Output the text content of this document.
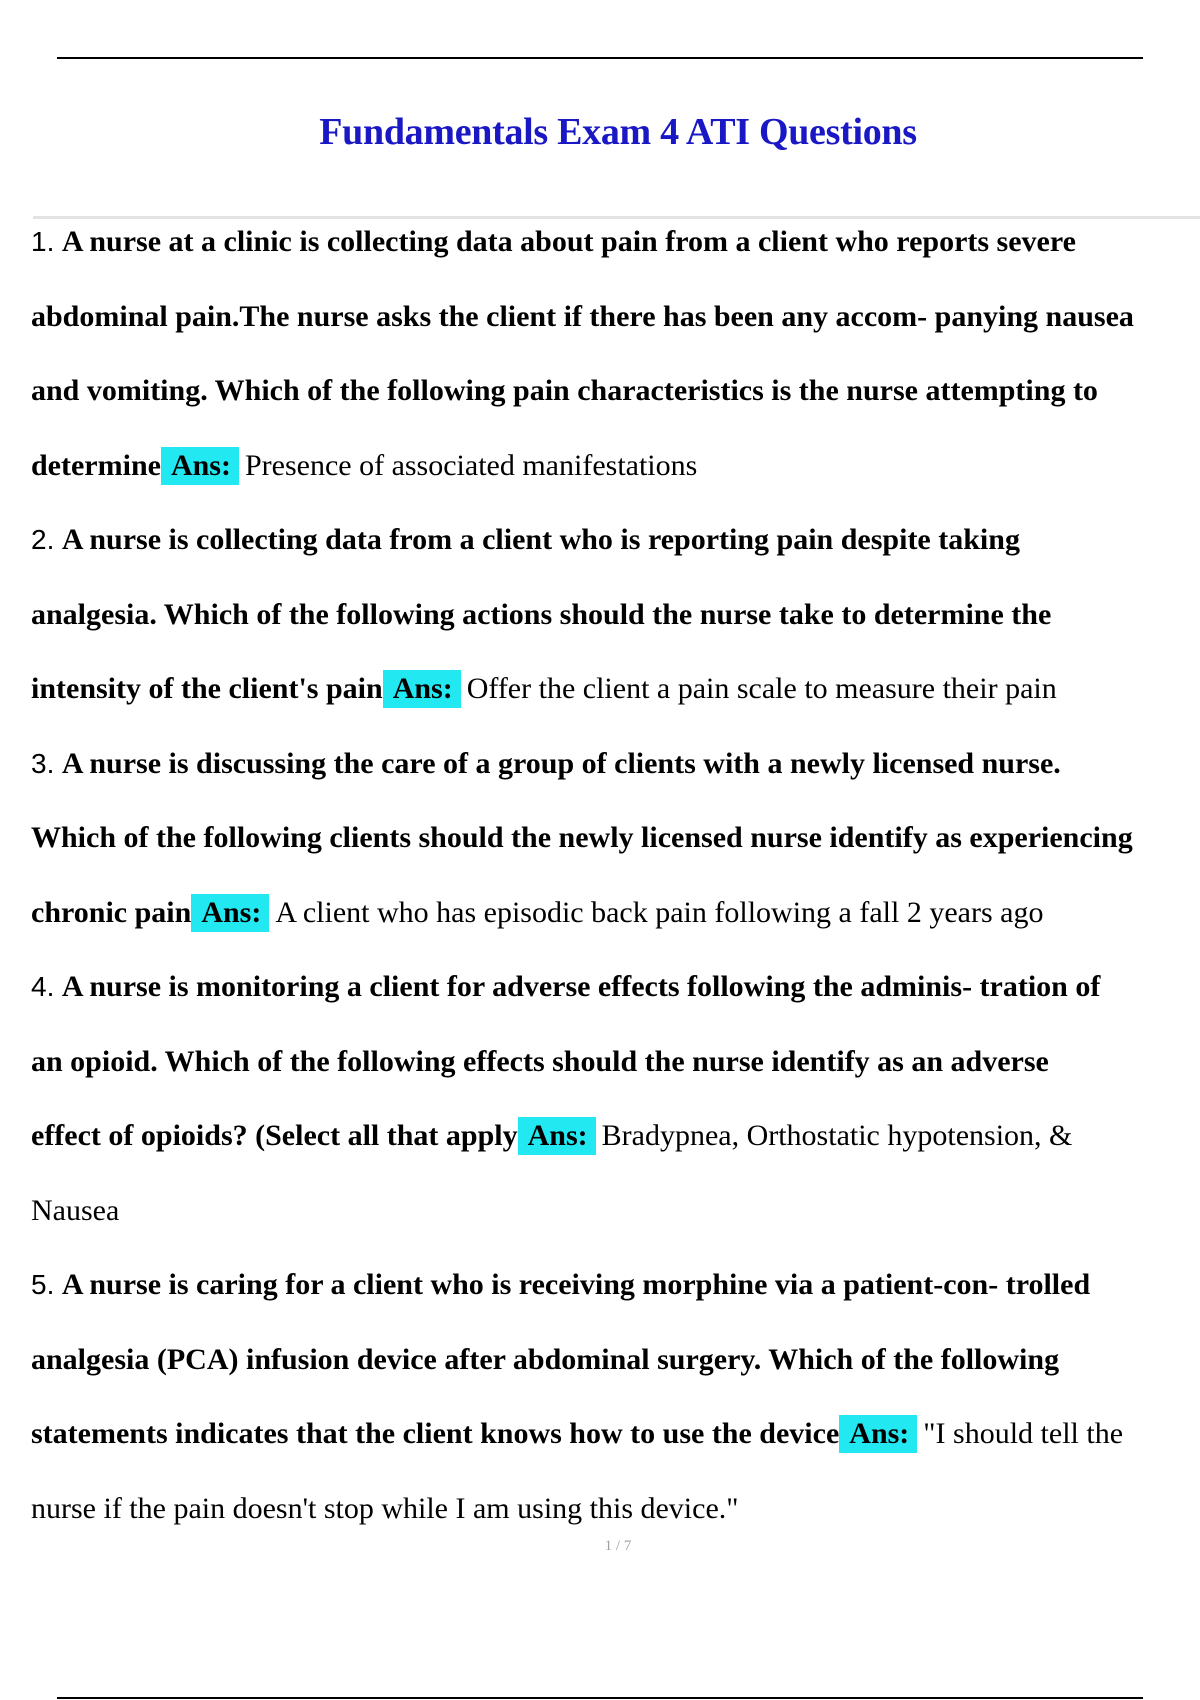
Fundamentals Exam 4 ATI Questions
1. A nurse at a clinic is collecting data about pain from a client who reports severe
abdominal pain.The nurse asks the client if there has been any accom- panying nausea
and vomiting. Which of the following pain characteristics is the nurse attempting to
determine Ans: Presence of associated manifestations
2. A nurse is collecting data from a client who is reporting pain despite taking
analgesia. Which of the following actions should the nurse take to determine the
intensity of the client's pain Ans: Offer the client a pain scale to measure their pain
3. A nurse is discussing the care of a group of clients with a newly licensed nurse.
Which of the following clients should the newly licensed nurse identify as experiencing
chronic pain Ans: A client who has episodic back pain following a fall 2 years ago
4. A nurse is monitoring a client for adverse effects following the adminis- tration of
an opioid. Which of the following effects should the nurse identify as an adverse
effect of opioids? (Select all that apply Ans: Bradypnea, Orthostatic hypotension, &
Nausea
5. A nurse is caring for a client who is receiving morphine via a patient-con- trolled
analgesia (PCA) infusion device after abdominal surgery. Which of the following
statements indicates that the client knows how to use the device Ans: "I should tell the
nurse if the pain doesn't stop while I am using this device."
1 / 7
